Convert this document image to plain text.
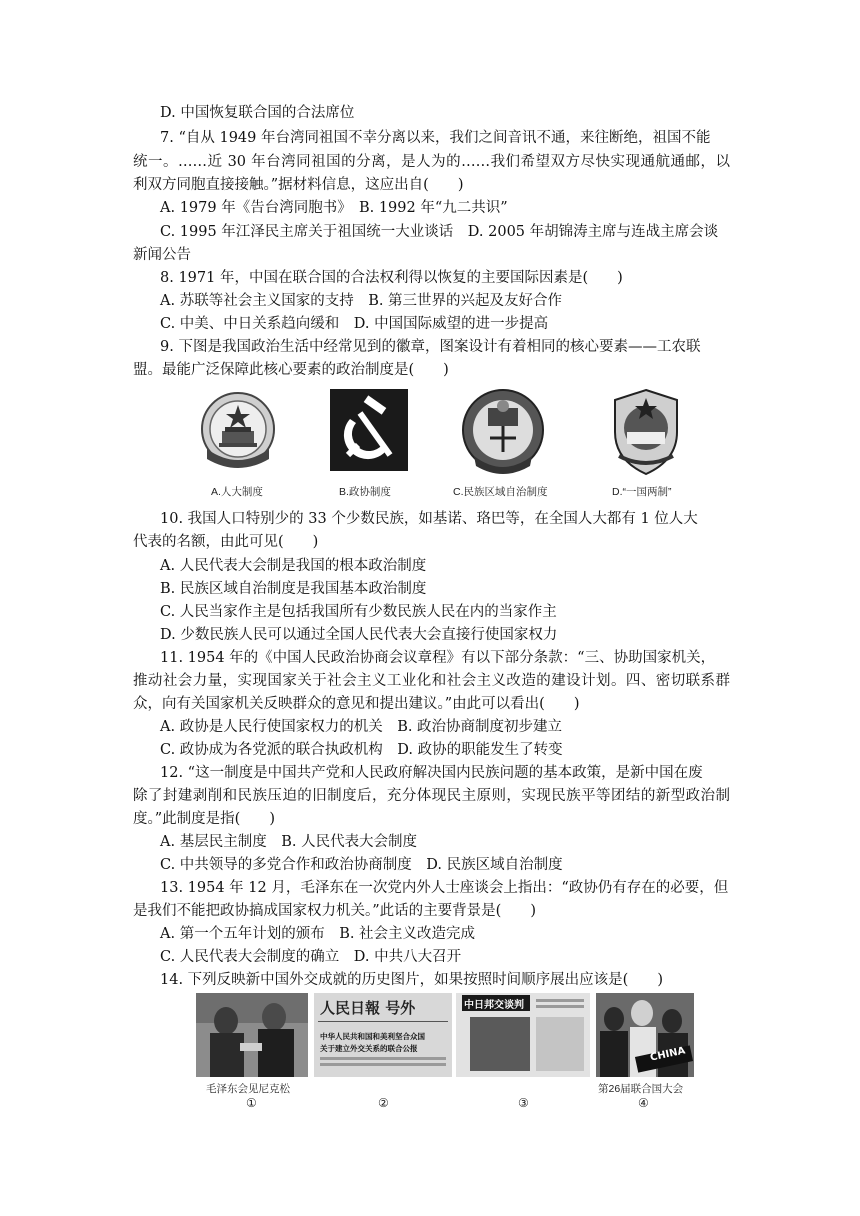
D. 中国恢复联合国的合法席位
7. “自从 1949 年台湾同祖国不幸分离以来，我们之间音讯不通，来往断绝，祖国不能
统一。……近 30 年台湾同祖国的分离，是人为的……我们希望双方尽快实现通航通邮，以
利双方同胞直接接触。”据材料信息，这应出自(　　)
A. 1979 年《告台湾同胞书》　B. 1992 年“九二共识”
C. 1995 年江泽民主席关于祖国统一大业谈话　D. 2005 年胡锦涛主席与连战主席会谈
新闻公告
8. 1971 年，中国在联合国的合法权利得以恢复的主要国际因素是(　　)
A. 苏联等社会主义国家的支持　B. 第三世界的兴起及友好合作
C. 中美、中日关系趋向缓和　D. 中国国际威望的进一步提高
9. 下图是我国政治生活中经常见到的徽章，图案设计有着相同的核心要素——工农联
盟。最能广泛保障此核心要素的政治制度是(　　)
A.人大制度	B.政协制度	C.民族区域自治制度	D.“一国两制”
10. 我国人口特别少的 33 个少数民族，如基诺、珞巴等，在全国人大都有 1 位人大
代表的名额，由此可见(　　)
A. 人民代表大会制是我国的根本政治制度
B. 民族区域自治制度是我国基本政治制度
C. 人民当家作主是包括我国所有少数民族人民在内的当家作主
D. 少数民族人民可以通过全国人民代表大会直接行使国家权力
11. 1954 年的《中国人民政治协商会议章程》有以下部分条款：“三、协助国家机关，
推动社会力量，实现国家关于社会主义工业化和社会主义改造的建设计划。四、密切联系群
众，向有关国家机关反映群众的意见和提出建议。”由此可以看出(　　)
A. 政协是人民行使国家权力的机关　B. 政治协商制度初步建立
C. 政协成为各党派的联合执政机构　D. 政协的职能发生了转变
12. “这一制度是中国共产党和人民政府解决国内民族问题的基本政策，是新中国在废
除了封建剥削和民族压迫的旧制度后，充分体现民主原则，实现民族平等团结的新型政治制
度。”此制度是指(　　)
A. 基层民主制度　B. 人民代表大会制度
C. 中共领导的多党合作和政治协商制度　D. 民族区域自治制度
13. 1954 年 12 月，毛泽东在一次党内外人士座谈会上指出：“政协仍有存在的必要，但
是我们不能把政协搞成国家权力机关。”此话的主要背景是(　　)
A. 第一个五年计划的颁布　B. 社会主义改造完成
C. 人民代表大会制度的确立　D. 中共八大召开
14. 下列反映新中国外交成就的历史图片，如果按照时间顺序展出应该是(　　)
人民日報 号外
中华人民共和国和美利坚合众国
关于建立外交关系的联合公报
中日邦交谈判
CHINA
毛泽东会见尼克松	第26届联合国大会
①	②	③	④
